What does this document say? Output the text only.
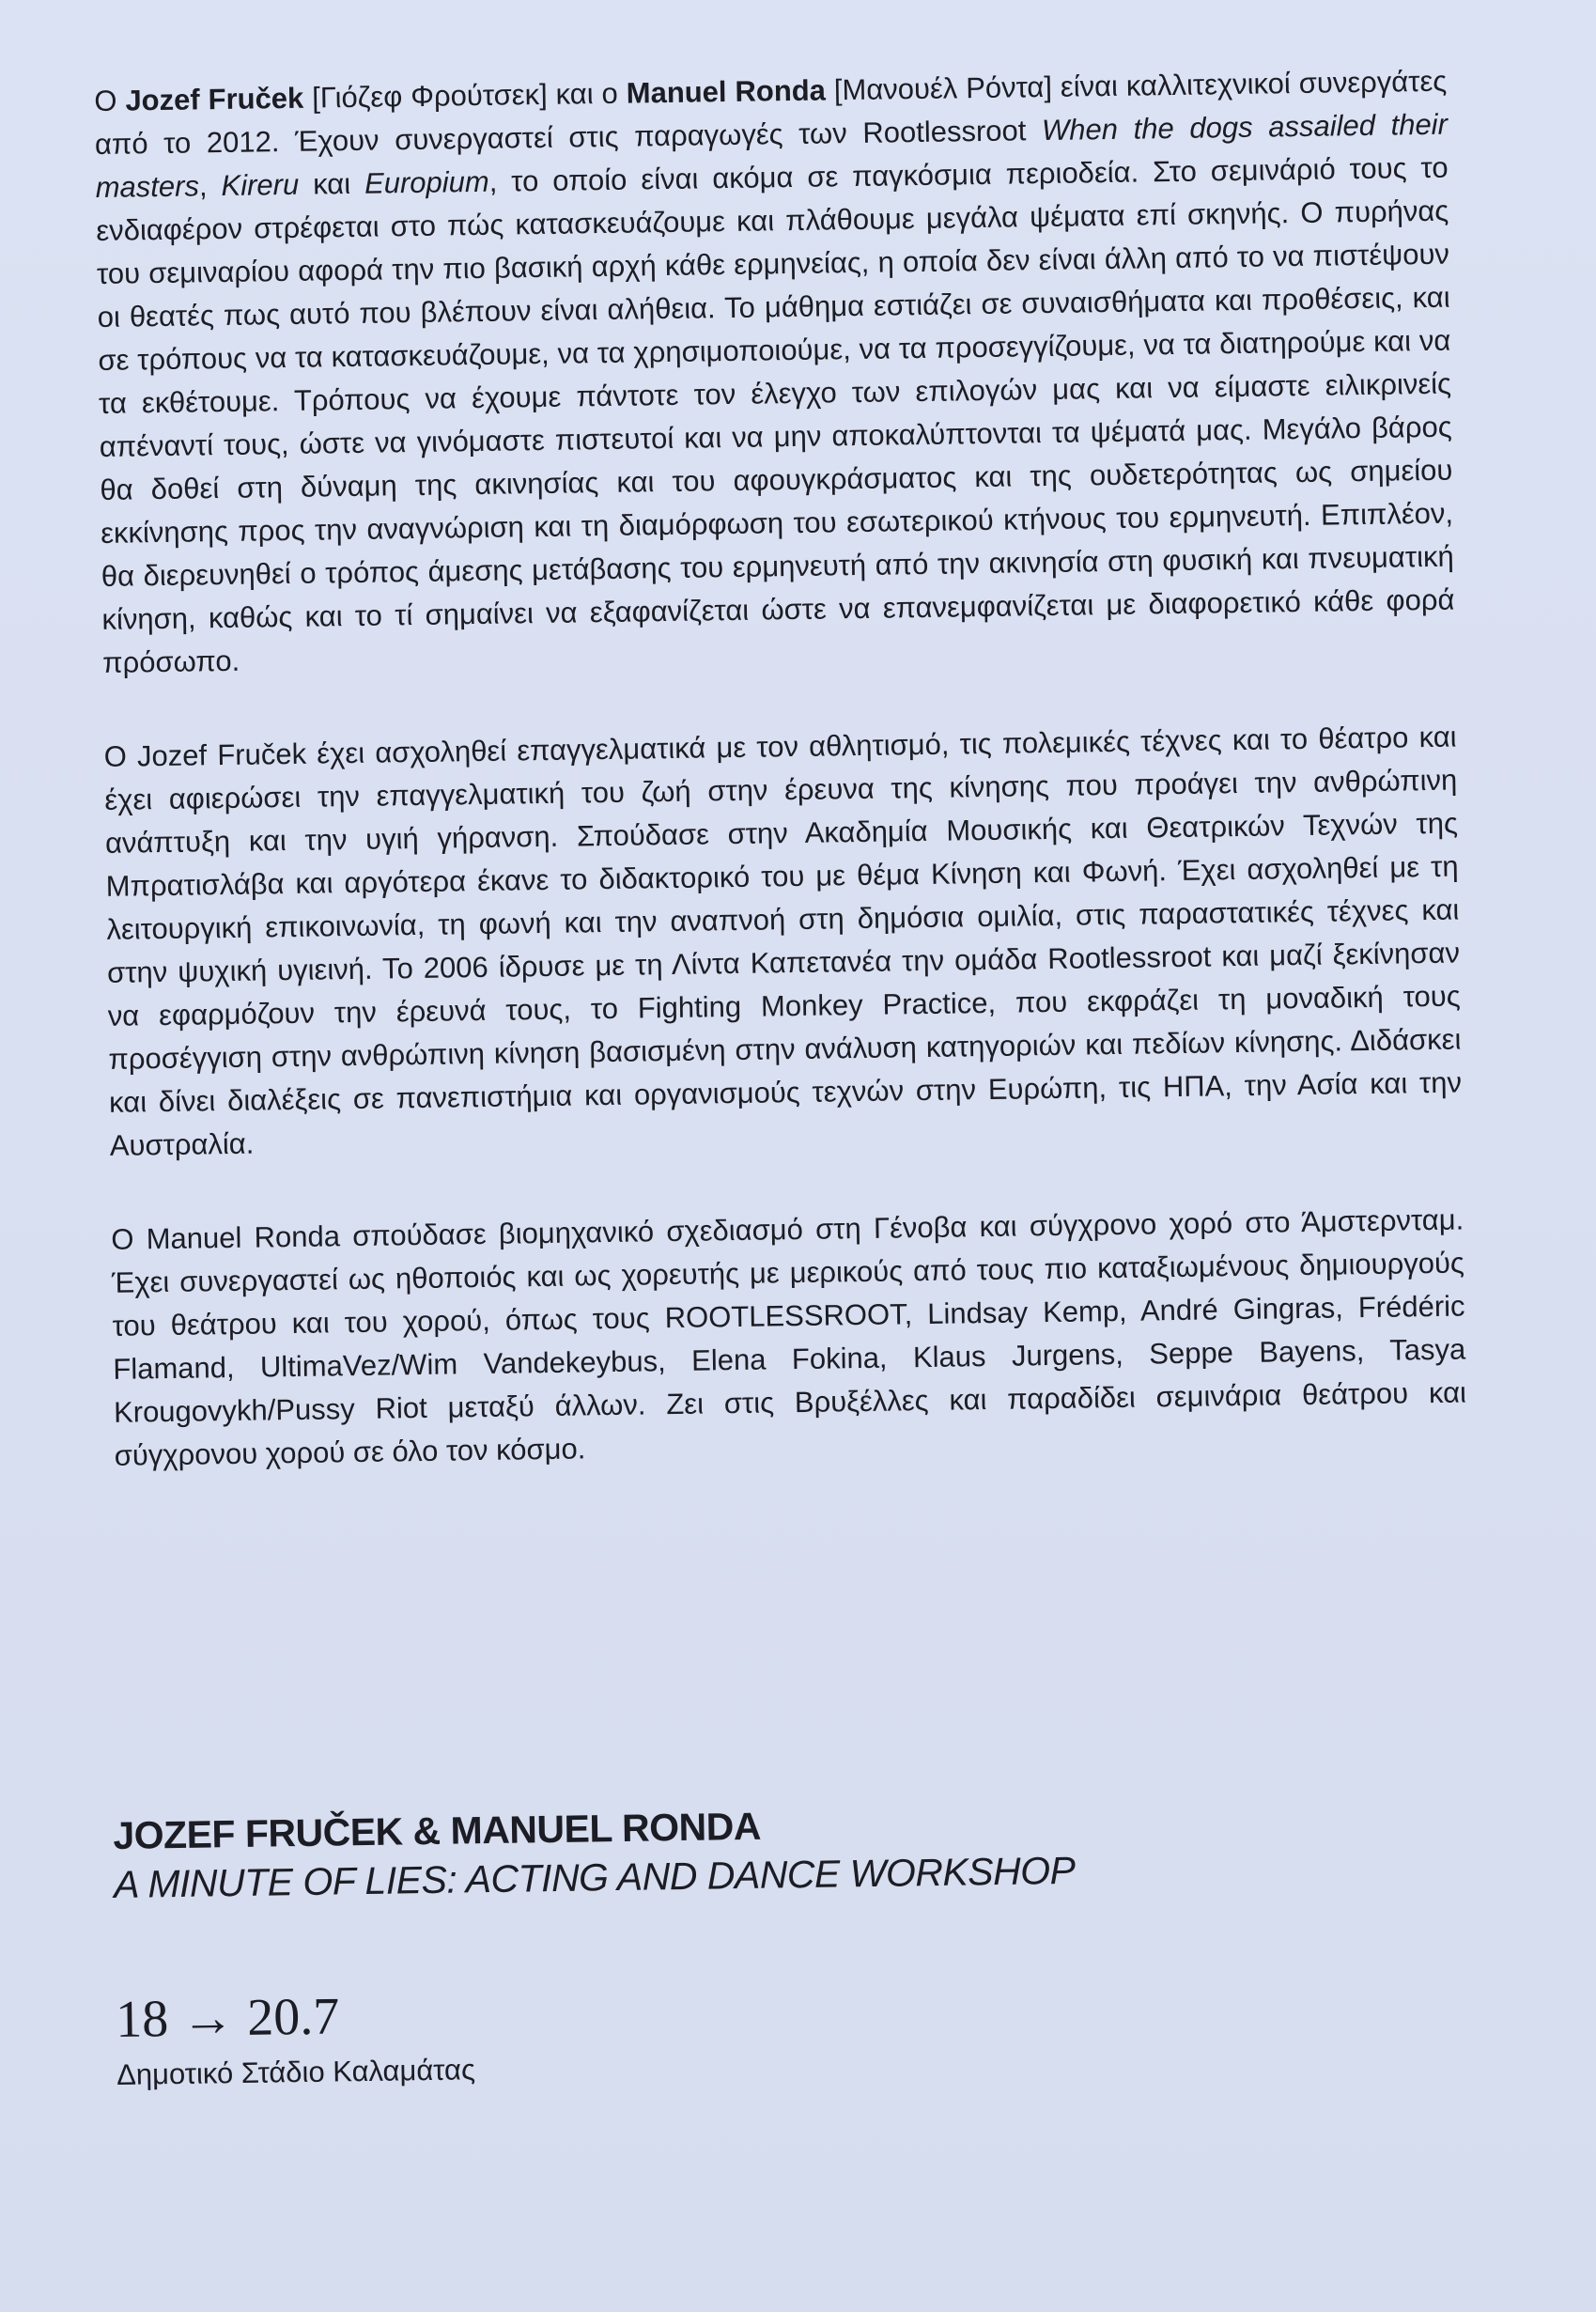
Ο Jozef Fruček [Γιόζεφ Φρούτσεκ] και ο Manuel Ronda [Μανουέλ Ρόντα] είναι καλλιτεχνικοί συνεργάτες από το 2012. Έχουν συνεργαστεί στις παραγωγές των Rootlessroot When the dogs assailed their masters, Kireru και Europium, το οποίο είναι ακόμα σε παγκόσμια περιοδεία. Στο σεμινάριό τους το ενδιαφέρον στρέφεται στο πώς κατασκευάζουμε και πλάθουμε μεγάλα ψέματα επί σκηνής. Ο πυρήνας του σεμιναρίου αφορά την πιο βασική αρχή κάθε ερμηνείας, η οποία δεν είναι άλλη από το να πιστέψουν οι θεατές πως αυτό που βλέπουν είναι αλήθεια. Το μάθημα εστιάζει σε συναισθήματα και προθέσεις, και σε τρόπους να τα κατασκευάζουμε, να τα χρησιμοποιούμε, να τα προσεγγίζουμε, να τα διατηρούμε και να τα εκθέτουμε. Τρόπους να έχουμε πάντοτε τον έλεγχο των επιλογών μας και να είμαστε ειλικρινείς απέναντί τους, ώστε να γινόμαστε πιστευτοί και να μην αποκαλύπτονται τα ψέματά μας. Μεγάλο βάρος θα δοθεί στη δύναμη της ακινησίας και του αφουγκράσματος και της ουδετερότητας ως σημείου εκκίνησης προς την αναγνώριση και τη διαμόρφωση του εσωτερικού κτήνους του ερμηνευτή. Επιπλέον, θα διερευνηθεί ο τρόπος άμεσης μετάβασης του ερμηνευτή από την ακινησία στη φυσική και πνευματική κίνηση, καθώς και το τί σημαίνει να εξαφανίζεται ώστε να επανεμφανίζεται με διαφορετικό κάθε φορά πρόσωπο.

Ο Jozef Fruček έχει ασχοληθεί επαγγελματικά με τον αθλητισμό, τις πολεμικές τέχνες και το θέατρο και έχει αφιερώσει την επαγγελματική του ζωή στην έρευνα της κίνησης που προάγει την ανθρώπινη ανάπτυξη και την υγιή γήρανση. Σπούδασε στην Ακαδημία Μουσικής και Θεατρικών Τεχνών της Μπρατισλάβα και αργότερα έκανε το διδακτορικό του με θέμα Κίνηση και Φωνή. Έχει ασχοληθεί με τη λειτουργική επικοινωνία, τη φωνή και την αναπνοή στη δημόσια ομιλία, στις παραστατικές τέχνες και στην ψυχική υγιεινή. Το 2006 ίδρυσε με τη Λίντα Καπετανέα την ομάδα Rootlessroot και μαζί ξεκίνησαν να εφαρμόζουν την έρευνά τους, το Fighting Monkey Practice, που εκφράζει τη μοναδική τους προσέγγιση στην ανθρώπινη κίνηση βασισμένη στην ανάλυση κατηγοριών και πεδίων κίνησης. Διδάσκει και δίνει διαλέξεις σε πανεπιστήμια και οργανισμούς τεχνών στην Ευρώπη, τις ΗΠΑ, την Ασία και την Αυστραλία.

Ο Manuel Ronda σπούδασε βιομηχανικό σχεδιασμό στη Γένοβα και σύγχρονο χορό στο Άμστερνταμ. Έχει συνεργαστεί ως ηθοποιός και ως χορευτής με μερικούς από τους πιο καταξιωμένους δημιουργούς του θεάτρου και του χορού, όπως τους ROOTLESSROOT, Lindsay Kemp, André Gingras, Frédéric Flamand, UltimaVez/Wim Vandekeybus, Elena Fokina, Klaus Jurgens, Seppe Bayens, Tasya Krougovykh/Pussy Riot μεταξύ άλλων. Ζει στις Βρυξέλλες και παραδίδει σεμινάρια θεάτρου και σύγχρονου χορού σε όλο τον κόσμο.

JOZEF FRUČEK & MANUEL RONDA
A MINUTE OF LIES: ACTING AND DANCE WORKSHOP
18 → 20.7
Δημοτικό Στάδιο Καλαμάτας
